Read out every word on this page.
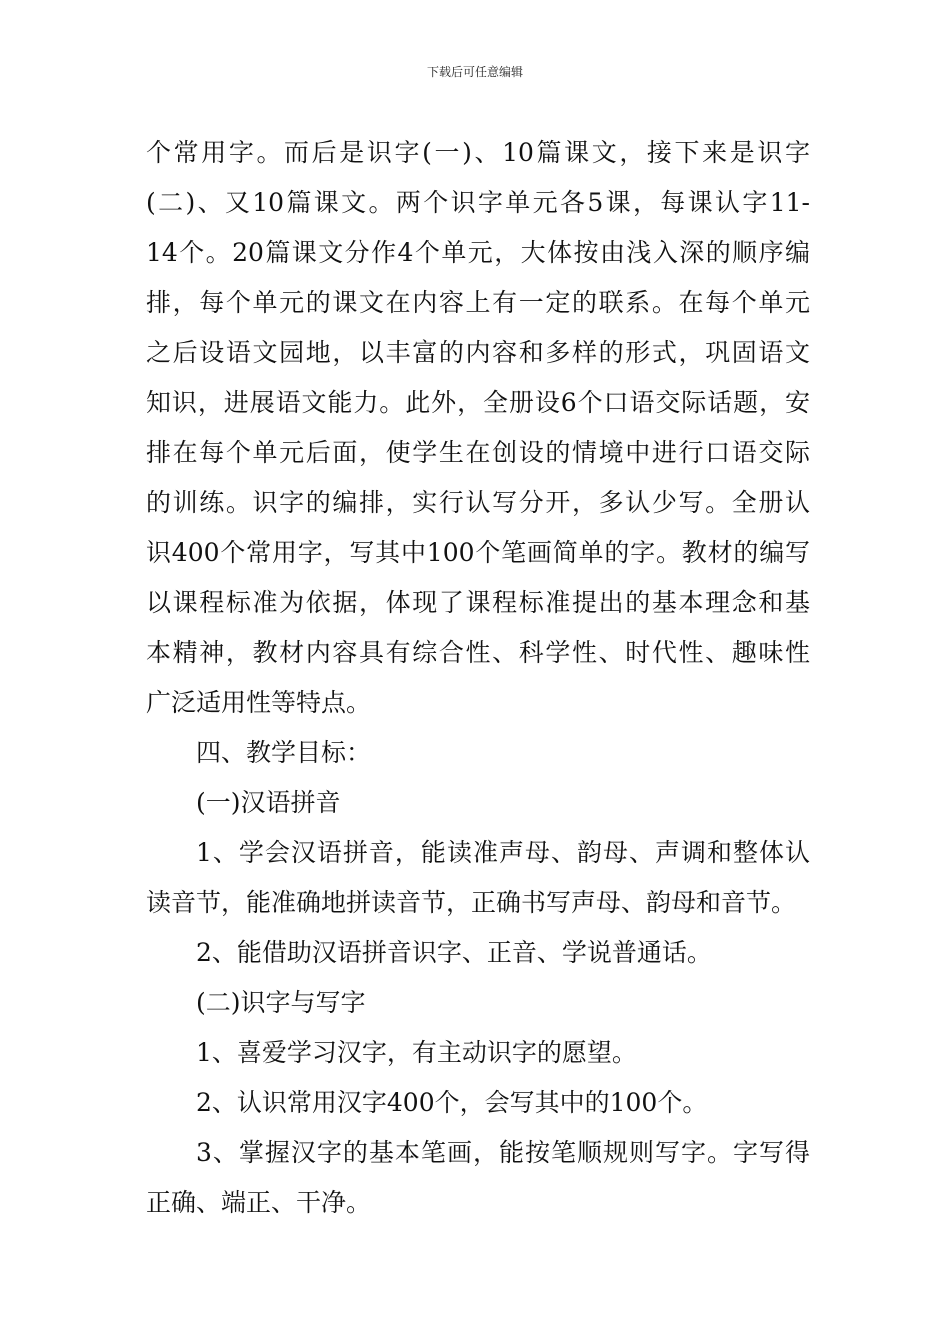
下载后可任意编辑
个常用字。而后是识字(一)、10篇课文，接下来是识字
(二)、又10篇课文。两个识字单元各5课，每课认字11-
14个。20篇课文分作4个单元，大体按由浅入深的顺序编
排，每个单元的课文在内容上有一定的联系。在每个单元
之后设语文园地，以丰富的内容和多样的形式，巩固语文
知识，进展语文能力。此外，全册设6个口语交际话题，安
排在每个单元后面，使学生在创设的情境中进行口语交际
的训练。识字的编排，实行认写分开，多认少写。全册认
识400个常用字，写其中100个笔画简单的字。教材的编写
以课程标准为依据，体现了课程标准提出的基本理念和基
本精神，教材内容具有综合性、科学性、时代性、趣味性
广泛适用性等特点。
四、教学目标：
(一)汉语拼音
1、学会汉语拼音，能读准声母、韵母、声调和整体认
读音节，能准确地拼读音节，正确书写声母、韵母和音节。
2、能借助汉语拼音识字、正音、学说普通话。
(二)识字与写字
1、喜爱学习汉字，有主动识字的愿望。
2、认识常用汉字400个，会写其中的100个。
3、掌握汉字的基本笔画，能按笔顺规则写字。字写得
正确、端正、干净。
